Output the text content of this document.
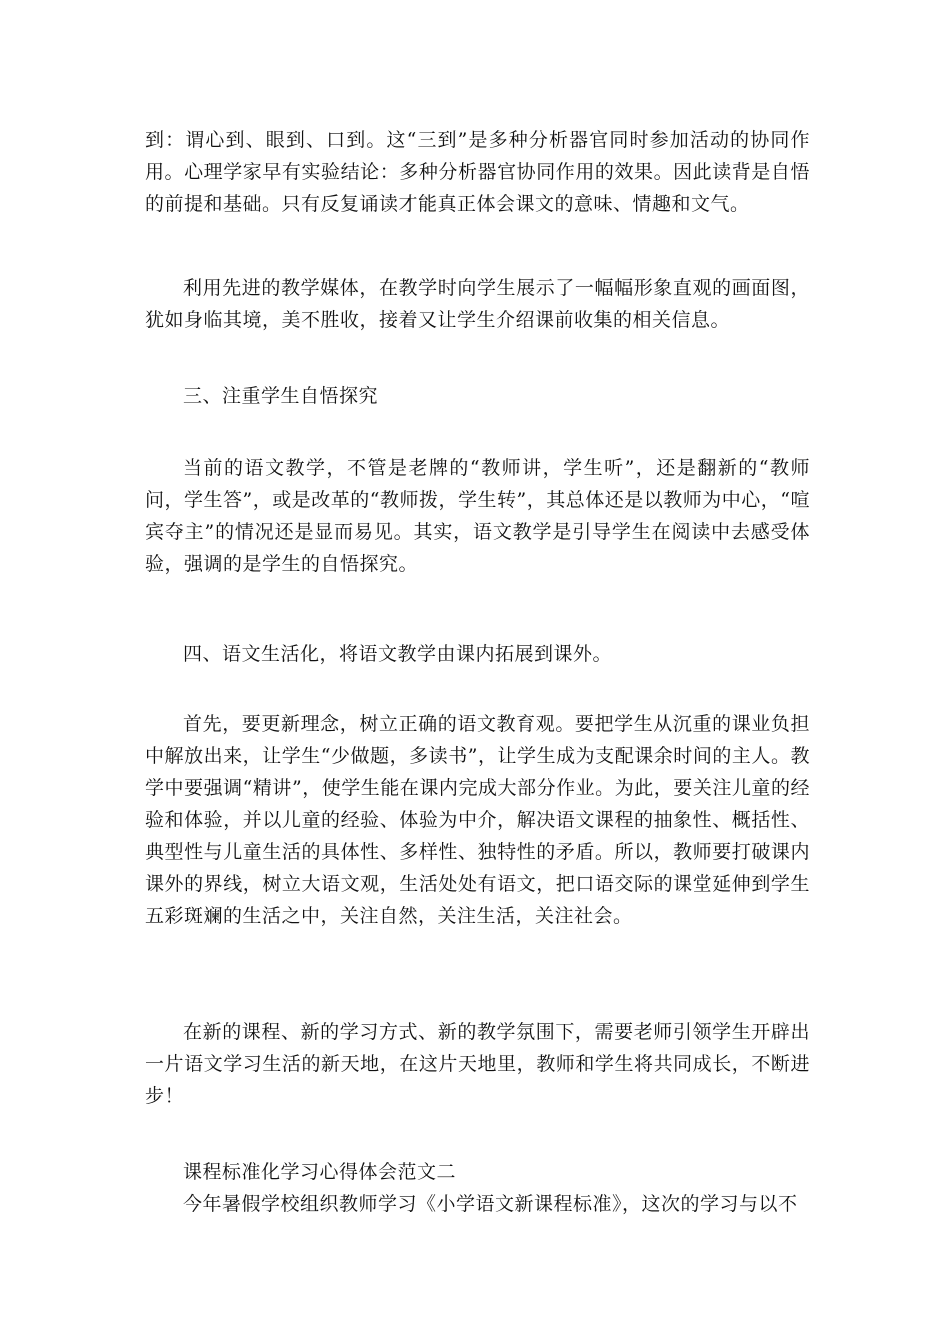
到：谓心到、眼到、口到。这“三到”是多种分析器官同时参加活动的协同作用。心理学家早有实验结论：多种分析器官协同作用的效果。因此读背是自悟的前提和基础。只有反复诵读才能真正体会课文的意味、情趣和文气。
利用先进的教学媒体，在教学时向学生展示了一幅幅形象直观的画面图，犹如身临其境，美不胜收，接着又让学生介绍课前收集的相关信息。
三、注重学生自悟探究
当前的语文教学，不管是老牌的“教师讲，学生听”，还是翻新的“教师问，学生答”，或是改革的“教师拨，学生转”，其总体还是以教师为中心，“喧宾夺主”的情况还是显而易见。其实，语文教学是引导学生在阅读中去感受体验，强调的是学生的自悟探究。
四、语文生活化，将语文教学由课内拓展到课外。
首先，要更新理念，树立正确的语文教育观。要把学生从沉重的课业负担中解放出来，让学生“少做题，多读书”，让学生成为支配课余时间的主人。教学中要强调“精讲”，使学生能在课内完成大部分作业。为此，要关注儿童的经验和体验，并以儿童的经验、体验为中介，解决语文课程的抽象性、概括性、典型性与儿童生活的具体性、多样性、独特性的矛盾。所以，教师要打破课内课外的界线，树立大语文观，生活处处有语文，把口语交际的课堂延伸到学生五彩斑斓的生活之中，关注自然，关注生活，关注社会。
在新的课程、新的学习方式、新的教学氛围下，需要老师引领学生开辟出一片语文学习生活的新天地，在这片天地里，教师和学生将共同成长，不断进步！
课程标准化学习心得体会范文二
今年暑假学校组织教师学习《小学语文新课程标准》，这次的学习与以不
